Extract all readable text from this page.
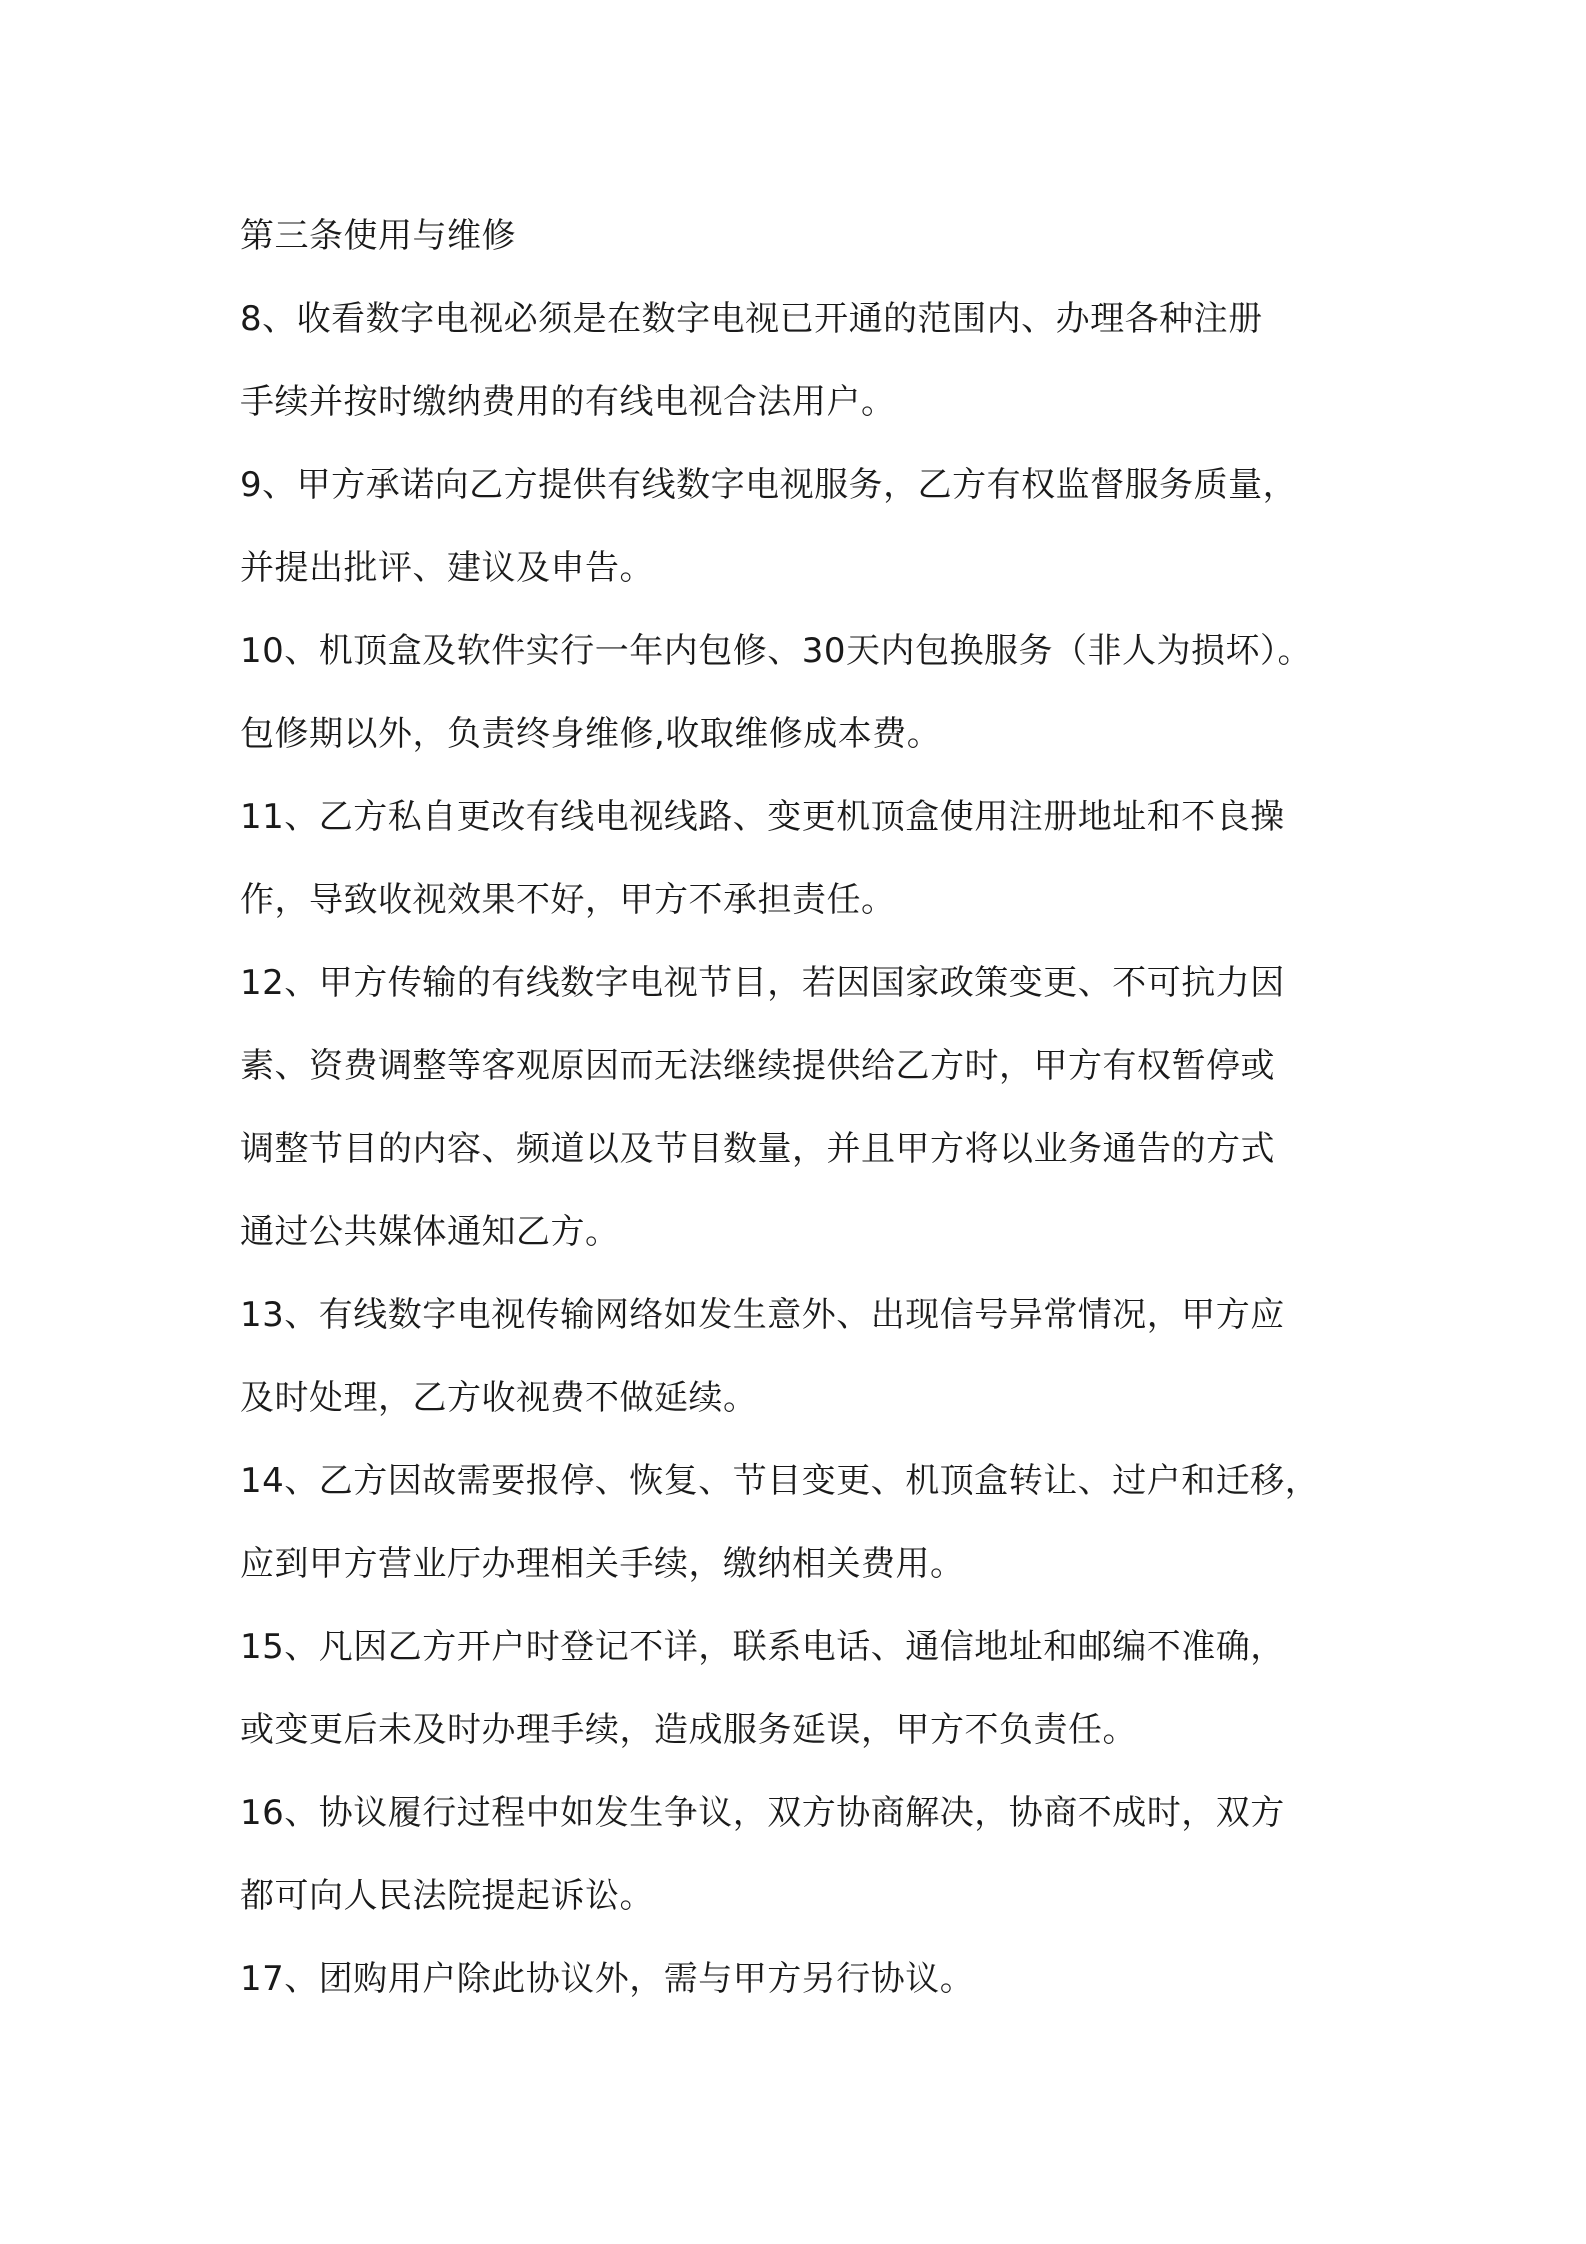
第三条使用与维修
8、收看数字电视必须是在数字电视已开通的范围内、办理各种注册
手续并按时缴纳费用的有线电视合法用户。
9、甲方承诺向乙方提供有线数字电视服务，乙方有权监督服务质量，
并提出批评、建议及申告。
10、机顶盒及软件实行一年内包修、30天内包换服务（非人为损坏）。
包修期以外，负责终身维修,收取维修成本费。
11、乙方私自更改有线电视线路、变更机顶盒使用注册地址和不良操
作，导致收视效果不好，甲方不承担责任。
12、甲方传输的有线数字电视节目，若因国家政策变更、不可抗力因
素、资费调整等客观原因而无法继续提供给乙方时，甲方有权暂停或
调整节目的内容、频道以及节目数量，并且甲方将以业务通告的方式
通过公共媒体通知乙方。
13、有线数字电视传输网络如发生意外、出现信号异常情况，甲方应
及时处理，乙方收视费不做延续。
14、乙方因故需要报停、恢复、节目变更、机顶盒转让、过户和迁移，
应到甲方营业厅办理相关手续，缴纳相关费用。
15、凡因乙方开户时登记不详，联系电话、通信地址和邮编不准确，
或变更后未及时办理手续，造成服务延误，甲方不负责任。
16、协议履行过程中如发生争议，双方协商解决，协商不成时，双方
都可向人民法院提起诉讼。
17、团购用户除此协议外，需与甲方另行协议。
